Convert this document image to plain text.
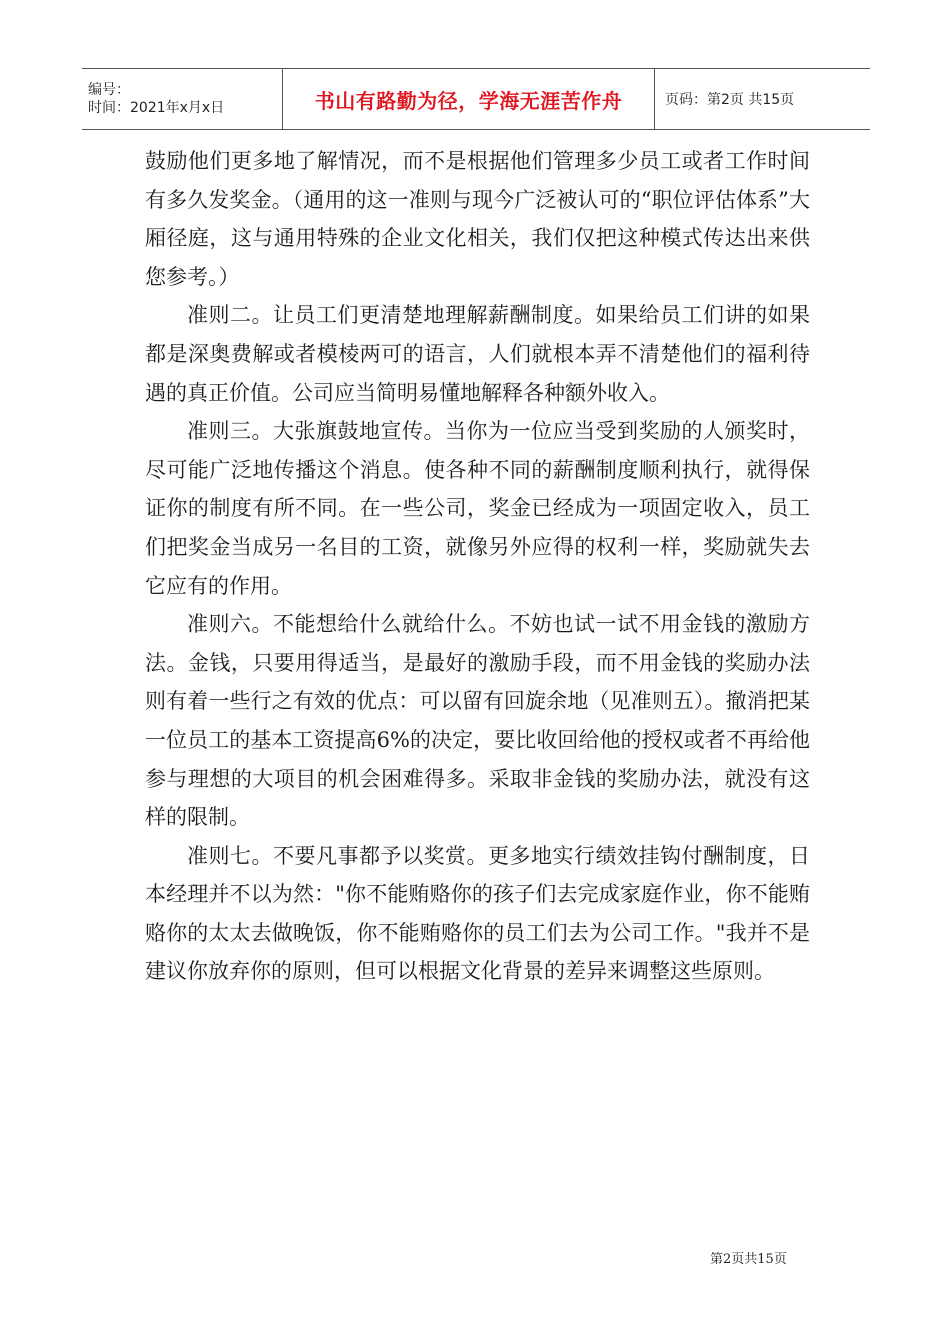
编号：
时间：2021年x月x日	书山有路勤为径，学海无涯苦作舟	页码：第2页 共15页

鼓励他们更多地了解情况，而不是根据他们管理多少员工或者工作时间有多久发奖金。（通用的这一准则与现今广泛被认可的“职位评估体系”大厢径庭，这与通用特殊的企业文化相关，我们仅把这种模式传达出来供您参考。）

准则二。让员工们更清楚地理解薪酬制度。如果给员工们讲的如果都是深奥费解或者模棱两可的语言，人们就根本弄不清楚他们的福利待遇的真正价值。公司应当简明易懂地解释各种额外收入。

准则三。大张旗鼓地宣传。当你为一位应当受到奖励的人颁奖时，尽可能广泛地传播这个消息。使各种不同的薪酬制度顺利执行，就得保证你的制度有所不同。在一些公司，奖金已经成为一项固定收入，员工们把奖金当成另一名目的工资，就像另外应得的权利一样，奖励就失去它应有的作用。

准则六。不能想给什么就给什么。不妨也试一试不用金钱的激励方法。金钱，只要用得适当，是最好的激励手段，而不用金钱的奖励办法则有着一些行之有效的优点：可以留有回旋余地（见准则五）。撤消把某一位员工的基本工资提高6%的决定，要比收回给他的授权或者不再给他参与理想的大项目的机会困难得多。采取非金钱的奖励办法，就没有这样的限制。

准则七。不要凡事都予以奖赏。更多地实行绩效挂钩付酬制度，日本经理并不以为然："你不能贿赂你的孩子们去完成家庭作业，你不能贿赂你的太太去做晚饭，你不能贿赂你的员工们去为公司工作。"我并不是建议你放弃你的原则，但可以根据文化背景的差异来调整这些原则。

第2页共15页
